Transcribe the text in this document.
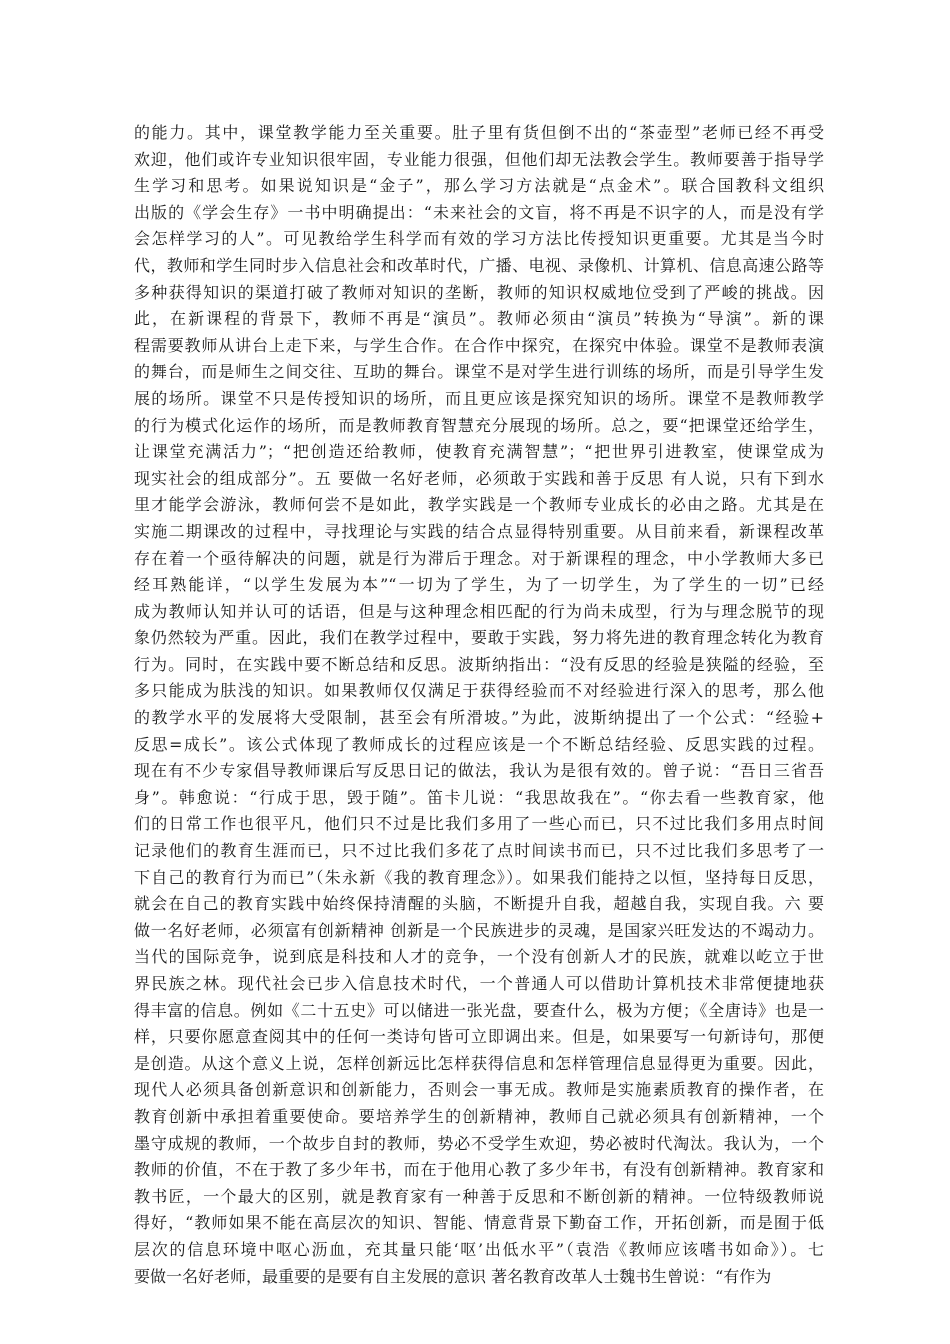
的能力。其中，课堂教学能力至关重要。肚子里有货但倒不出的“茶壶型”老师已经不再受
欢迎，他们或许专业知识很牢固，专业能力很强，但他们却无法教会学生。教师要善于指导学
生学习和思考。如果说知识是“金子”，那么学习方法就是“点金术”。联合国教科文组织
出版的《学会生存》一书中明确提出：“未来社会的文盲，将不再是不识字的人，而是没有学
会怎样学习的人”。可见教给学生科学而有效的学习方法比传授知识更重要。尤其是当今时
代，教师和学生同时步入信息社会和改革时代，广播、电视、录像机、计算机、信息高速公路等
多种获得知识的渠道打破了教师对知识的垄断，教师的知识权威地位受到了严峻的挑战。因
此，在新课程的背景下，教师不再是“演员”。教师必须由“演员”转换为“导演”。新的课
程需要教师从讲台上走下来，与学生合作。在合作中探究，在探究中体验。课堂不是教师表演
的舞台，而是师生之间交往、互助的舞台。课堂不是对学生进行训练的场所，而是引导学生发
展的场所。课堂不只是传授知识的场所，而且更应该是探究知识的场所。课堂不是教师教学
的行为模式化运作的场所，而是教师教育智慧充分展现的场所。总之，要“把课堂还给学生，
让课堂充满活力”；“把创造还给教师，使教育充满智慧”；“把世界引进教室，使课堂成为
现实社会的组成部分”。五 要做一名好老师，必须敢于实践和善于反思 有人说，只有下到水
里才能学会游泳，教师何尝不是如此，教学实践是一个教师专业成长的必由之路。尤其是在
实施二期课改的过程中，寻找理论与实践的结合点显得特别重要。从目前来看，新课程改革
存在着一个亟待解决的问题，就是行为滞后于理念。对于新课程的理念，中小学教师大多已
经耳熟能详，“以学生发展为本”“一切为了学生，为了一切学生，为了学生的一切”已经
成为教师认知并认可的话语，但是与这种理念相匹配的行为尚未成型，行为与理念脱节的现
象仍然较为严重。因此，我们在教学过程中，要敢于实践，努力将先进的教育理念转化为教育
行为。同时，在实践中要不断总结和反思。波斯纳指出：“没有反思的经验是狭隘的经验，至
多只能成为肤浅的知识。如果教师仅仅满足于获得经验而不对经验进行深入的思考，那么他
的教学水平的发展将大受限制，甚至会有所滑坡。”为此，波斯纳提出了一个公式：“经验+
反思=成长”。该公式体现了教师成长的过程应该是一个不断总结经验、反思实践的过程。
现在有不少专家倡导教师课后写反思日记的做法，我认为是很有效的。曾子说：“吾日三省吾
身”。韩愈说：“行成于思，毁于随”。笛卡儿说：“我思故我在”。“你去看一些教育家，他
们的日常工作也很平凡，他们只不过是比我们多用了一些心而已，只不过比我们多用点时间
记录他们的教育生涯而已，只不过比我们多花了点时间读书而已，只不过比我们多思考了一
下自己的教育行为而已”（朱永新《我的教育理念》）。如果我们能持之以恒，坚持每日反思，
就会在自己的教育实践中始终保持清醒的头脑，不断提升自我，超越自我，实现自我。六 要
做一名好老师，必须富有创新精神 创新是一个民族进步的灵魂，是国家兴旺发达的不竭动力。
当代的国际竞争，说到底是科技和人才的竞争，一个没有创新人才的民族，就难以屹立于世
界民族之林。现代社会已步入信息技术时代，一个普通人可以借助计算机技术非常便捷地获
得丰富的信息。例如《二十五史》可以储进一张光盘，要查什么，极为方便；《全唐诗》也是一
样，只要你愿意查阅其中的任何一类诗句皆可立即调出来。但是，如果要写一句新诗句，那便
是创造。从这个意义上说，怎样创新远比怎样获得信息和怎样管理信息显得更为重要。因此，
现代人必须具备创新意识和创新能力，否则会一事无成。教师是实施素质教育的操作者，在
教育创新中承担着重要使命。要培养学生的创新精神，教师自己就必须具有创新精神，一个
墨守成规的教师，一个故步自封的教师，势必不受学生欢迎，势必被时代淘汰。我认为，一个
教师的价值，不在于教了多少年书，而在于他用心教了多少年书，有没有创新精神。教育家和
教书匠，一个最大的区别，就是教育家有一种善于反思和不断创新的精神。一位特级教师说
得好，“教师如果不能在高层次的知识、智能、情意背景下勤奋工作，开拓创新，而是囿于低
层次的信息环境中呕心沥血，充其量只能‘呕’出低水平”（袁浩《教师应该嗜书如命》）。七
要做一名好老师，最重要的是要有自主发展的意识 著名教育改革人士魏书生曾说：“有作为
